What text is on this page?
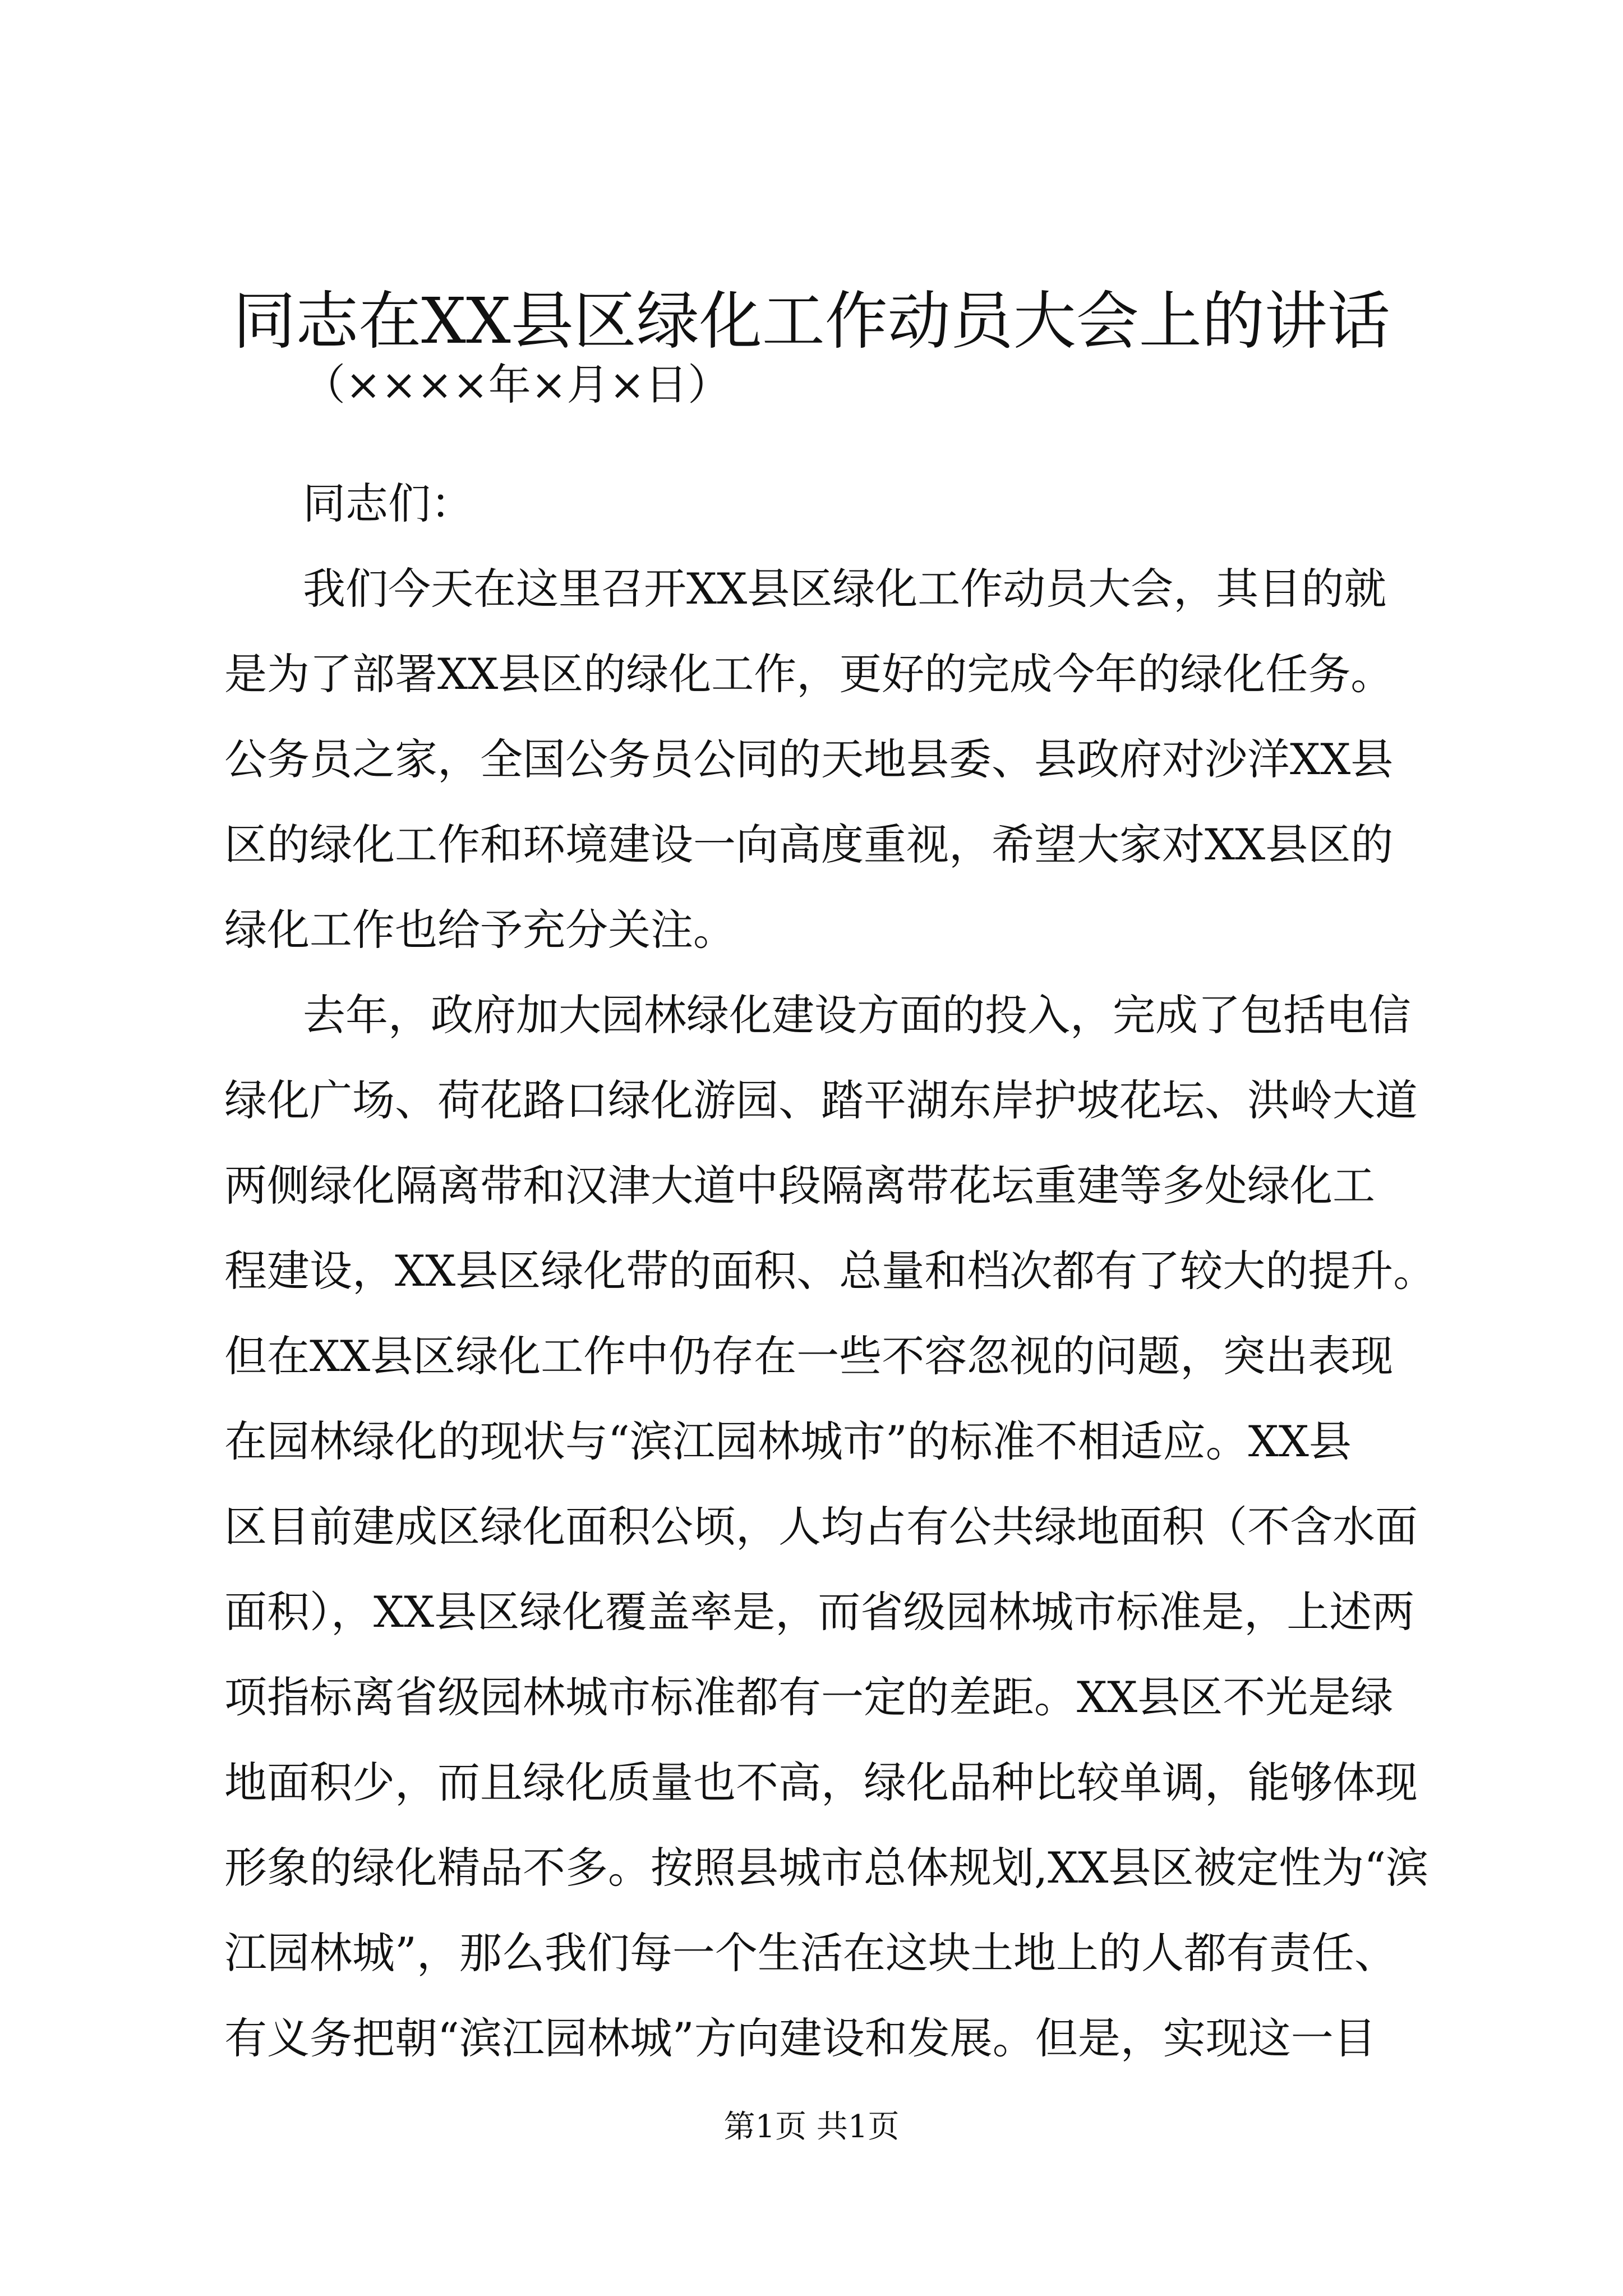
同志在XX县区绿化工作动员大会上的讲话

（××××年×月×日）

同志们：

我们今天在这里召开XX县区绿化工作动员大会，其目的就

是为了部署XX县区的绿化工作，更好的完成今年的绿化任务。

公务员之家，全国公务员公同的天地县委、县政府对沙洋XX县

区的绿化工作和环境建设一向高度重视，希望大家对XX县区的

绿化工作也给予充分关注。

去年，政府加大园林绿化建设方面的投入，完成了包括电信

绿化广场、荷花路口绿化游园、踏平湖东岸护坡花坛、洪岭大道

两侧绿化隔离带和汉津大道中段隔离带花坛重建等多处绿化工

程建设，XX县区绿化带的面积、总量和档次都有了较大的提升。

但在XX县区绿化工作中仍存在一些不容忽视的问题，突出表现

在园林绿化的现状与“滨江园林城市”的标准不相适应。XX县

区目前建成区绿化面积公顷，人均占有公共绿地面积（不含水面

面积），XX县区绿化覆盖率是，而省级园林城市标准是，上述两

项指标离省级园林城市标准都有一定的差距。XX县区不光是绿

地面积少，而且绿化质量也不高，绿化品种比较单调，能够体现

形象的绿化精品不多。按照县城市总体规划,XX县区被定性为“滨

江园林城”，那么我们每一个生活在这块土地上的人都有责任、

有义务把朝“滨江园林城”方向建设和发展。但是，实现这一目

第1页 共1页
